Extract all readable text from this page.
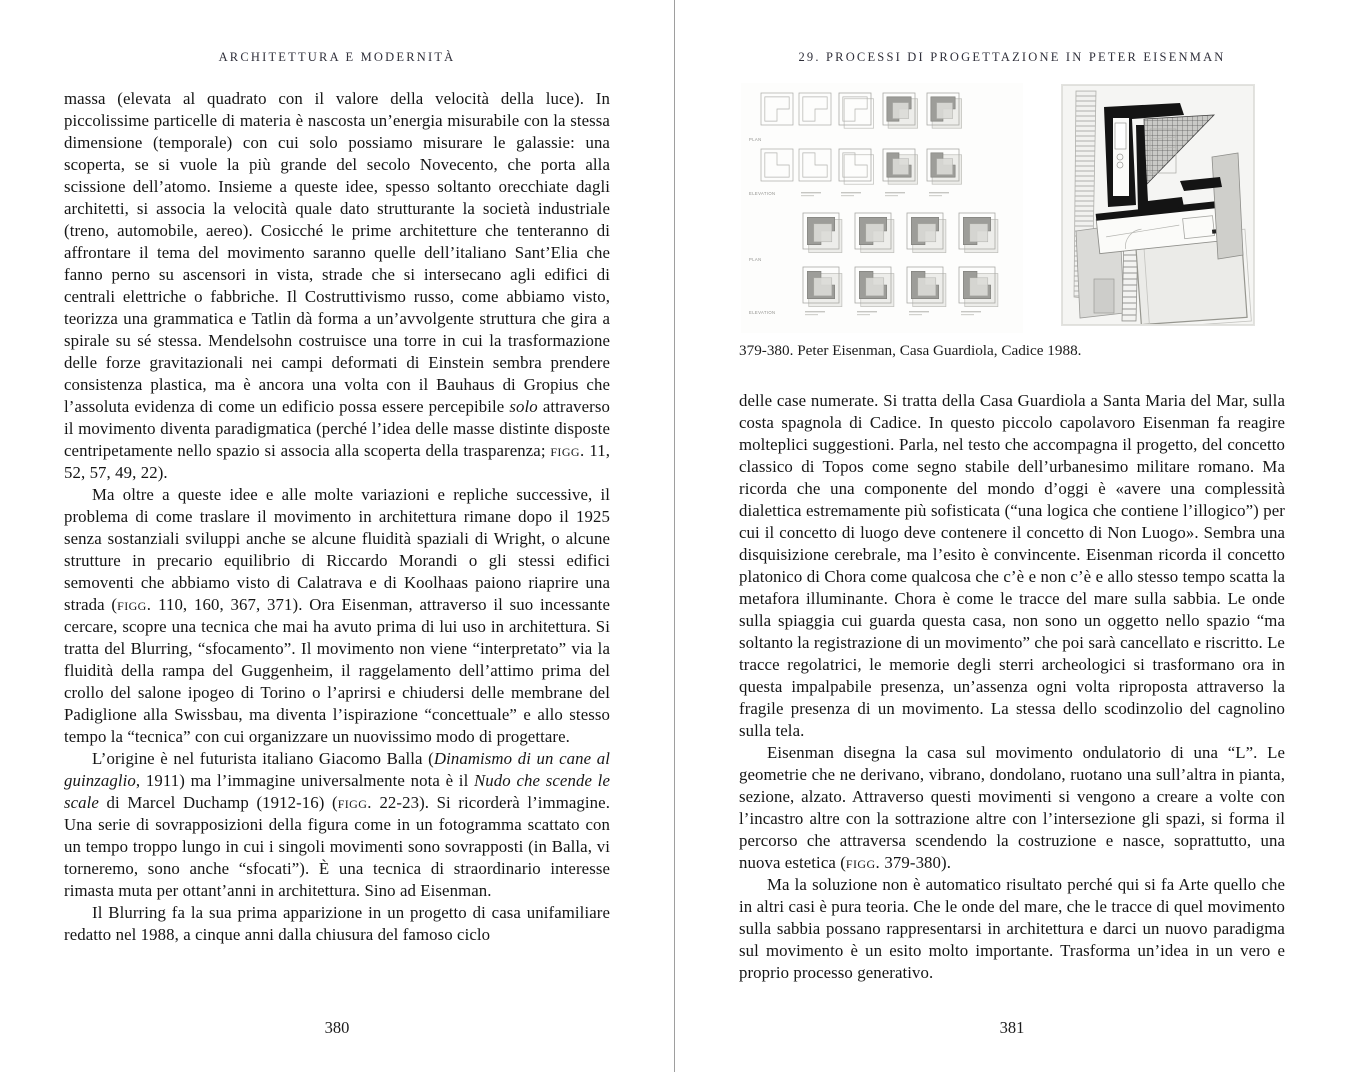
ARCHITETTURA E MODERNITÀ

massa (elevata al quadrato con il valore della velocità della luce). In piccolissime particelle di materia è nascosta un’energia misurabile con la stessa dimensione (temporale) con cui solo possiamo misurare le galassie: una scoperta, se si vuole la più grande del secolo Novecento, che porta alla scissione dell’atomo. Insieme a queste idee, spesso soltanto orecchiate dagli architetti, si associa la velocità quale dato strutturante la società industriale (treno, automobile, aereo). Cosicché le prime architetture che tenteranno di affrontare il tema del movimento saranno quelle dell’italiano Sant’Elia che fanno perno su ascensori in vista, strade che si intersecano agli edifici di centrali elettriche o fabbriche. Il Costruttivismo russo, come abbiamo visto, teorizza una grammatica e Tatlin dà forma a un’avvolgente struttura che gira a spirale su sé stessa. Mendelsohn costruisce una torre in cui la trasformazione delle forze gravitazionali nei campi deformati di Einstein sembra prendere consistenza plastica, ma è ancora una volta con il Bauhaus di Gropius che l’assoluta evidenza di come un edificio possa essere percepibile solo attraverso il movimento diventa paradigmatica (perché l’idea delle masse distinte disposte centripetamente nello spazio si associa alla scoperta della trasparenza; figg. 11, 52, 57, 49, 22).

Ma oltre a queste idee e alle molte variazioni e repliche successive, il problema di come traslare il movimento in architettura rimane dopo il 1925 senza sostanziali sviluppi anche se alcune fluidità spaziali di Wright, o alcune strutture in precario equilibrio di Riccardo Morandi o gli stessi edifici semoventi che abbiamo visto di Calatrava e di Koolhaas paiono riaprire una strada (figg. 110, 160, 367, 371). Ora Eisenman, attraverso il suo incessante cercare, scopre una tecnica che mai ha avuto prima di lui uso in architettura. Si tratta del Blurring, “sfocamento”. Il movimento non viene “interpretato” via la fluidità della rampa del Guggenheim, il raggelamento dell’attimo prima del crollo del salone ipogeo di Torino o l’aprirsi e chiudersi delle membrane del Padiglione alla Swissbau, ma diventa l’ispirazione “concettuale” e allo stesso tempo la “tecnica” con cui organizzare un nuovissimo modo di progettare.

L’origine è nel futurista italiano Giacomo Balla (Dinamismo di un cane al guinzaglio, 1911) ma l’immagine universalmente nota è il Nudo che scende le scale di Marcel Duchamp (1912-16) (figg. 22-23). Si ricorderà l’immagine. Una serie di sovrapposizioni della figura come in un fotogramma scattato con un tempo troppo lungo in cui i singoli movimenti sono sovrapposti (in Balla, vi torneremo, sono anche “sfocati”). È una tecnica di straordinario interesse rimasta muta per ottant’anni in architettura. Sino ad Eisenman.

Il Blurring fa la sua prima apparizione in un progetto di casa unifamiliare redatto nel 1988, a cinque anni dalla chiusura del famoso ciclo

380
29. PROCESSI DI PROGETTAZIONE IN PETER EISENMAN
PLAN
ELEVATION
PLAN
ELEVATION
379-380. Peter Eisenman, Casa Guardiola, Cadice 1988.

delle case numerate. Si tratta della Casa Guardiola a Santa Maria del Mar, sulla costa spagnola di Cadice. In questo piccolo capolavoro Eisenman fa reagire molteplici suggestioni. Parla, nel testo che accompagna il progetto, del concetto classico di Topos come segno stabile dell’urbanesimo militare romano. Ma ricorda che una componente del mondo d’oggi è «avere una complessità dialettica estremamente più sofisticata (“una logica che contiene l’illogico”) per cui il concetto di luogo deve contenere il concetto di Non Luogo». Sembra una disquisizione cerebrale, ma l’esito è convincente. Eisenman ricorda il concetto platonico di Chora come qualcosa che c’è e non c’è e allo stesso tempo scatta la metafora illuminante. Chora è come le tracce del mare sulla sabbia. Le onde sulla spiaggia cui guarda questa casa, non sono un oggetto nello spazio “ma soltanto la registrazione di un movimento” che poi sarà cancellato e riscritto. Le tracce regolatrici, le memorie degli sterri archeologici si trasformano ora in questa impalpabile presenza, un’assenza ogni volta riproposta attraverso la fragile presenza di un movimento. La stessa dello scodinzolio del cagnolino sulla tela.

Eisenman disegna la casa sul movimento ondulatorio di una “L”. Le geometrie che ne derivano, vibrano, dondolano, ruotano una sull’altra in pianta, sezione, alzato. Attraverso questi movimenti si vengono a creare a volte con l’incastro altre con la sottrazione altre con l’intersezione gli spazi, si forma il percorso che attraversa scendendo la costruzione e nasce, soprattutto, una nuova estetica (figg. 379-380).

Ma la soluzione non è automatico risultato perché qui si fa Arte quello che in altri casi è pura teoria. Che le onde del mare, che le tracce di quel movimento sulla sabbia possano rappresentarsi in architettura e darci un nuovo paradigma sul movimento è un esito molto importante. Trasforma un’idea in un vero e proprio processo generativo.

381
